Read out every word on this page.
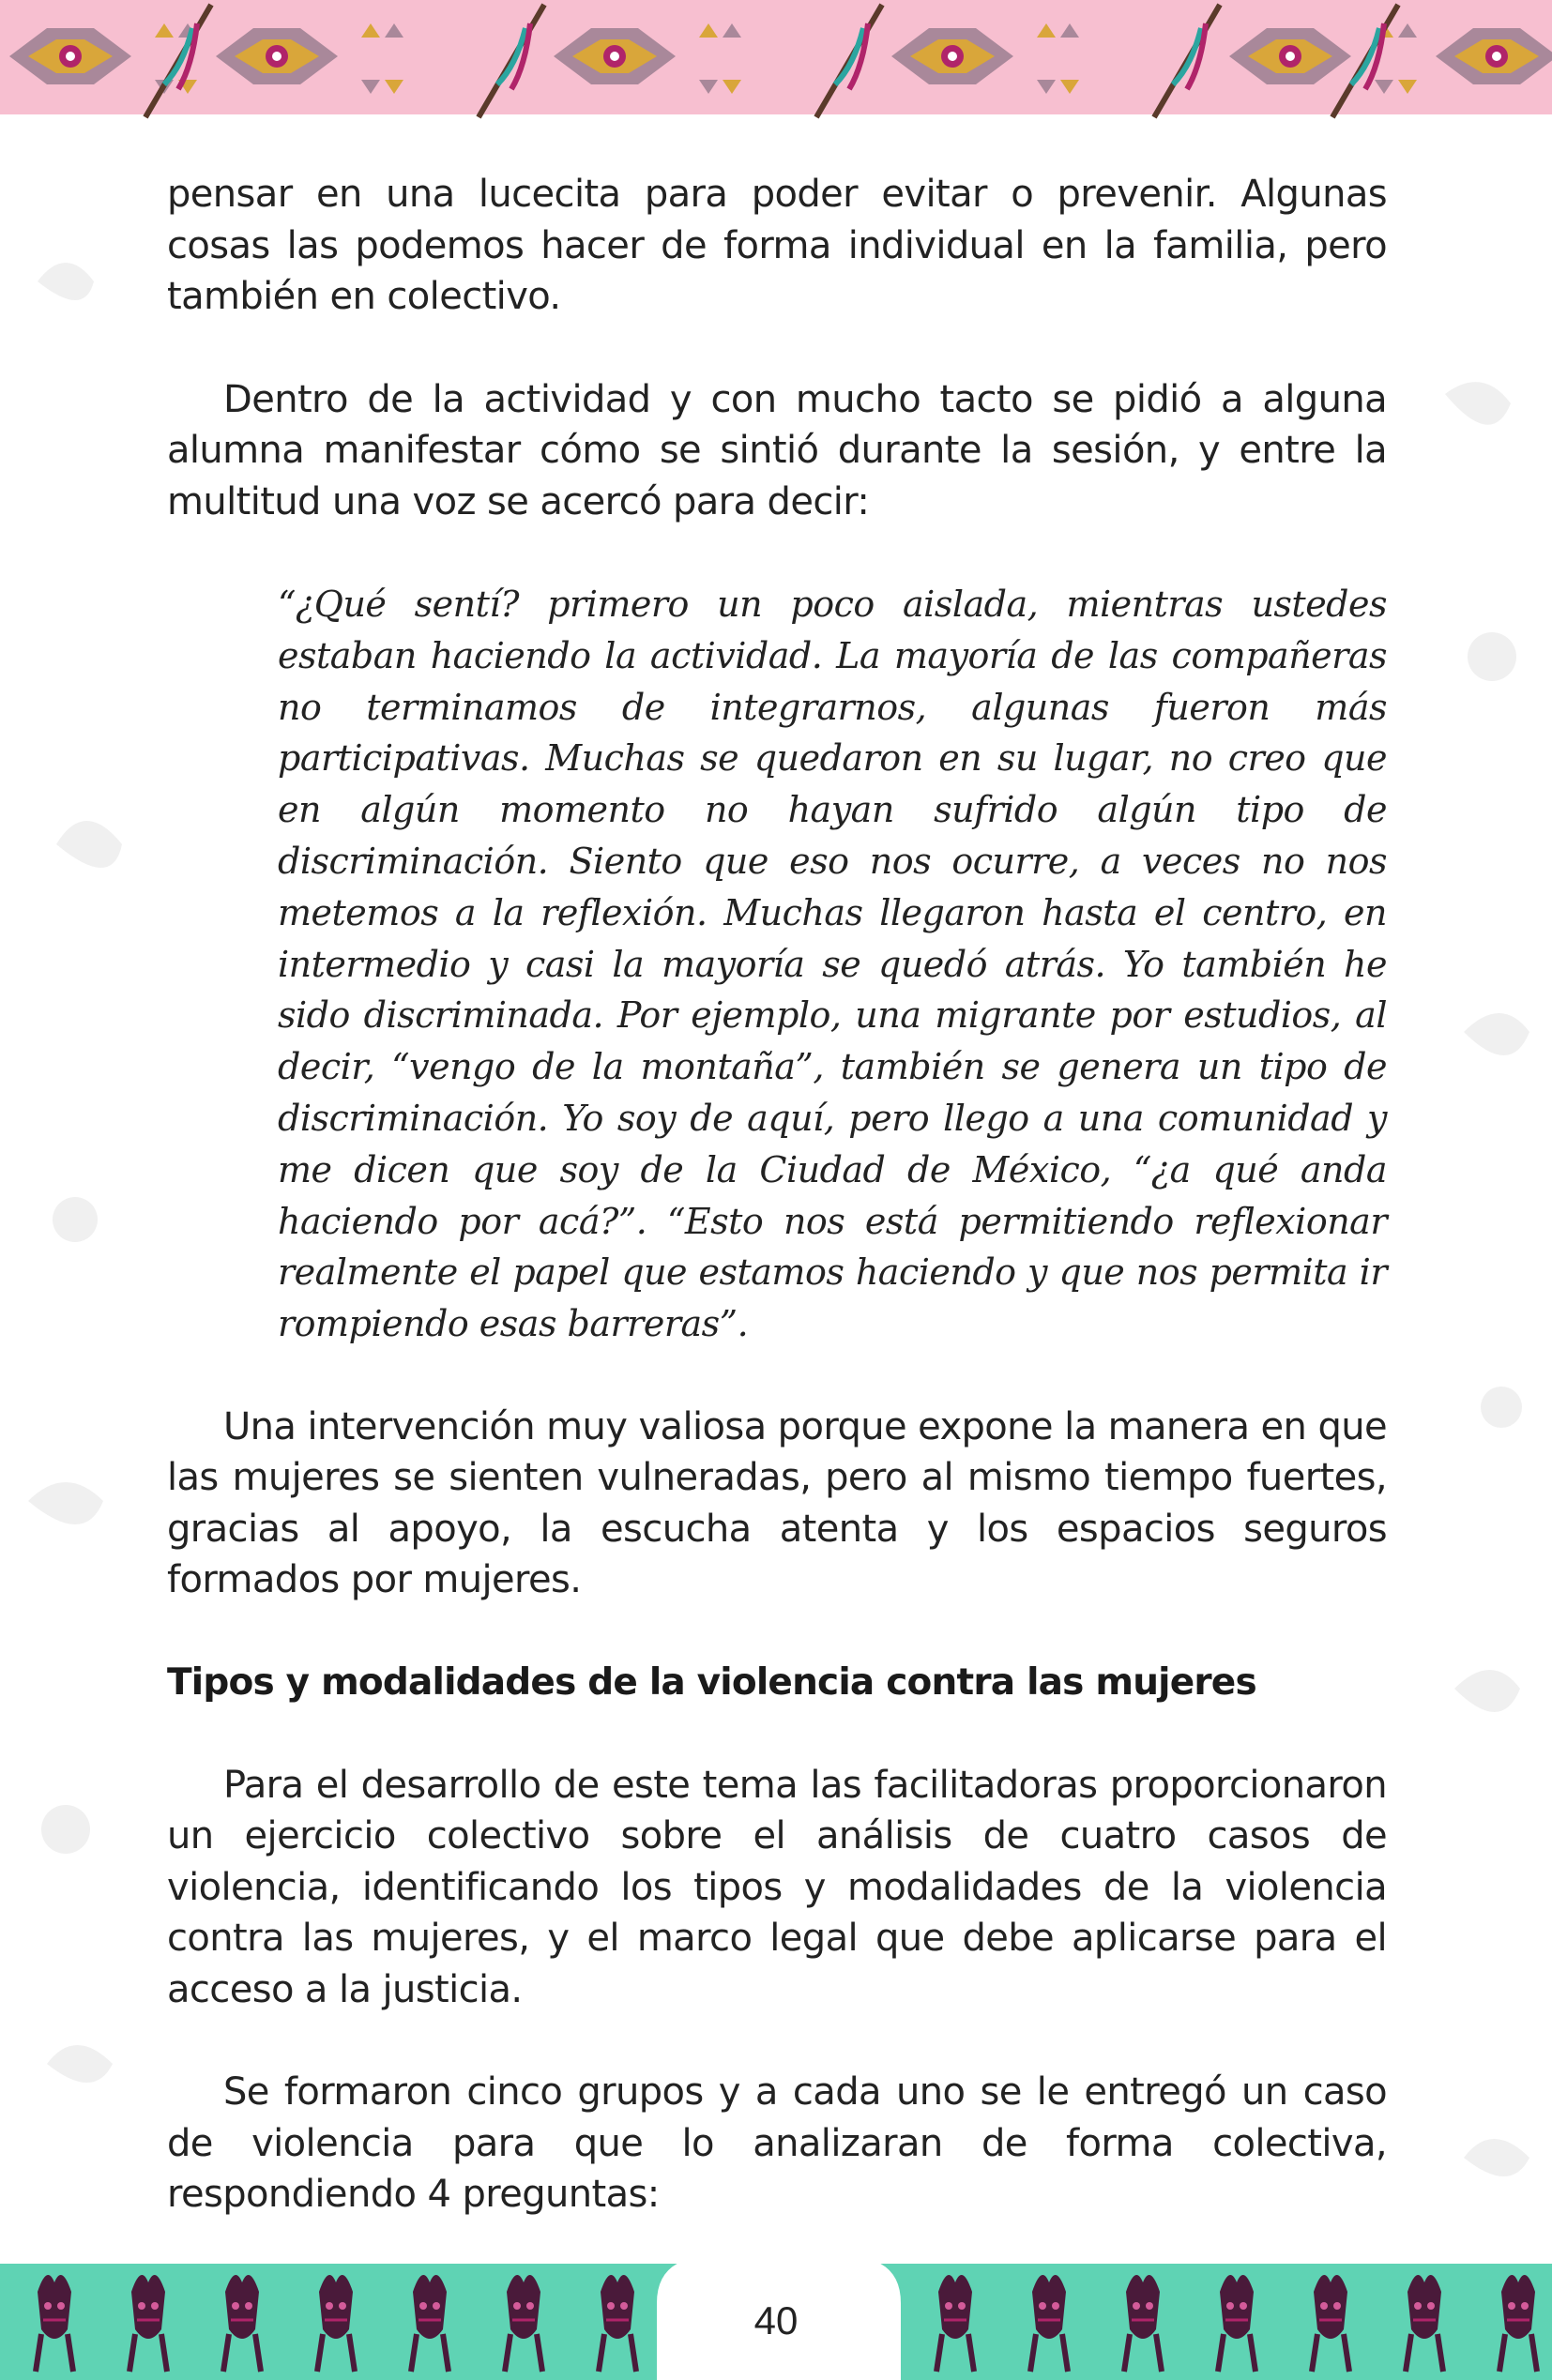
pensar en una lucecita para poder evitar o prevenir. Algunas cosas las podemos hacer de forma individual en la familia, pero también en colectivo.

Dentro de la actividad y con mucho tacto se pidió a alguna alumna manifestar cómo se sintió durante la sesión, y entre la multitud una voz se acercó para decir:

“¿Qué sentí? primero un poco aislada, mientras ustedes estaban haciendo la actividad. La mayoría de las compañeras no terminamos de integrarnos, algunas fueron más participativas. Muchas se quedaron en su lugar, no creo que en algún momento no hayan sufrido algún tipo de discriminación. Siento que eso nos ocurre, a veces no nos metemos a la reflexión. Muchas llegaron hasta el centro, en intermedio y casi la mayoría se quedó atrás. Yo también he sido discriminada. Por ejemplo, una migrante por estudios, al decir, “vengo de la montaña”, también se genera un tipo de discriminación. Yo soy de aquí, pero llego a una comunidad y me dicen que soy de la Ciudad de México, “¿a qué anda haciendo por acá?”. “Esto nos está permitiendo reflexionar realmente el papel que estamos haciendo y que nos permita ir rompiendo esas barreras”.

Una intervención muy valiosa porque expone la manera en que las mujeres se sienten vulneradas, pero al mismo tiempo fuertes, gracias al apoyo, la escucha atenta y los espacios seguros formados por mujeres.

Tipos y modalidades de la violencia contra las mujeres

Para el desarrollo de este tema las facilitadoras proporcionaron un ejercicio colectivo sobre el análisis de cuatro casos de violencia, identificando los tipos y modalidades de la violencia contra las mujeres, y el marco legal que debe aplicarse para el acceso a la justicia.

Se formaron cinco grupos y a cada uno se le entregó un caso de violencia para que lo analizaran de forma colectiva, respondiendo 4 preguntas:

40
